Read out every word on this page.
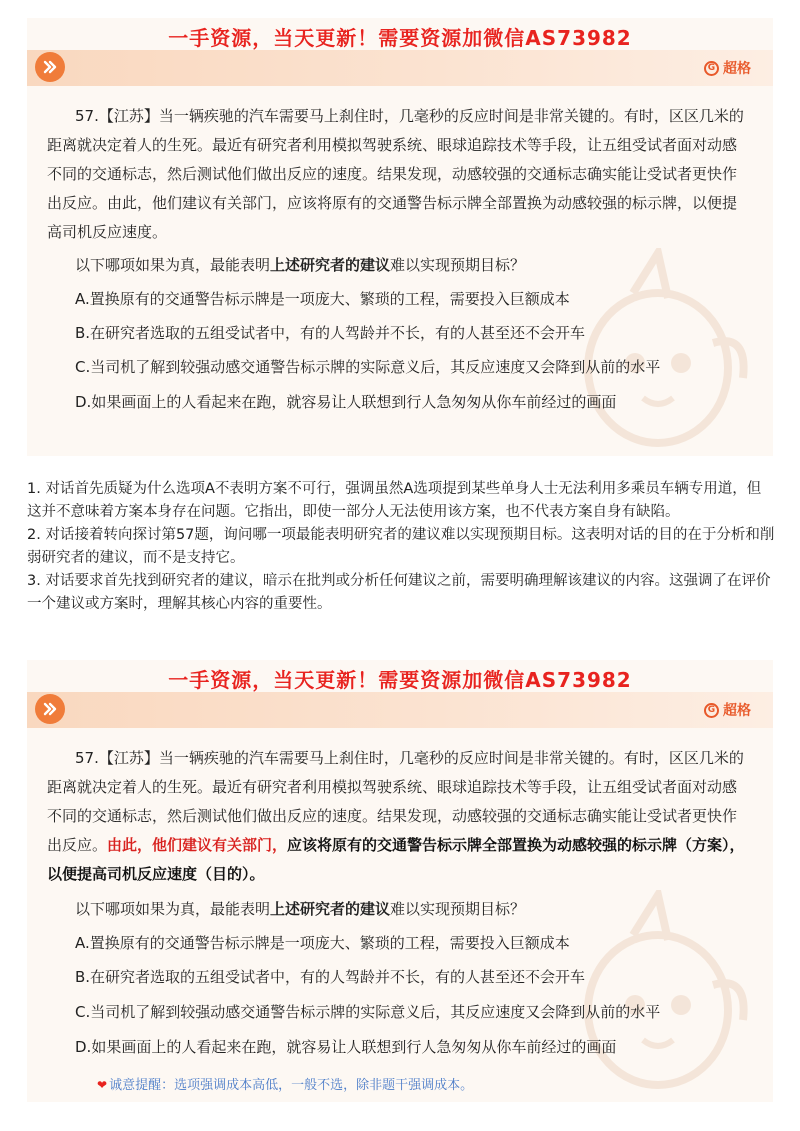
一手资源，当天更新！需要资源加微信AS73982
G 超格
57.【江苏】当一辆疾驰的汽车需要马上刹住时，几毫秒的反应时间是非常关键的。有时，区区几米的距离就决定着人的生死。最近有研究者利用模拟驾驶系统、眼球追踪技术等手段，让五组受试者面对动感不同的交通标志，然后测试他们做出反应的速度。结果发现，动感较强的交通标志确实能让受试者更快作出反应。由此，他们建议有关部门，应该将原有的交通警告标示牌全部置换为动感较强的标示牌，以便提高司机反应速度。
以下哪项如果为真，最能表明上述研究者的建议难以实现预期目标？
A.置换原有的交通警告标示牌是一项庞大、繁琐的工程，需要投入巨额成本
B.在研究者选取的五组受试者中，有的人驾龄并不长，有的人甚至还不会开车
C.当司机了解到较强动感交通警告标示牌的实际意义后，其反应速度又会降到从前的水平
D.如果画面上的人看起来在跑，就容易让人联想到行人急匆匆从你车前经过的画面

1. 对话首先质疑为什么选项A不表明方案不可行，强调虽然A选项提到某些单身人士无法利用多乘员车辆专用道，但这并不意味着方案本身存在问题。它指出，即使一部分人无法使用该方案，也不代表方案自身有缺陷。

2. 对话接着转向探讨第57题，询问哪一项最能表明研究者的建议难以实现预期目标。这表明对话的目的在于分析和削弱研究者的建议，而不是支持它。

3. 对话要求首先找到研究者的建议，暗示在批判或分析任何建议之前，需要明确理解该建议的内容。这强调了在评价一个建议或方案时，理解其核心内容的重要性。

一手资源，当天更新！需要资源加微信AS73982
G 超格
57.【江苏】当一辆疾驰的汽车需要马上刹住时，几毫秒的反应时间是非常关键的。有时，区区几米的距离就决定着人的生死。最近有研究者利用模拟驾驶系统、眼球追踪技术等手段，让五组受试者面对动感不同的交通标志，然后测试他们做出反应的速度。结果发现，动感较强的交通标志确实能让受试者更快作出反应。由此，他们建议有关部门，应该将原有的交通警告标示牌全部置换为动感较强的标示牌（方案），以便提高司机反应速度（目的）。
以下哪项如果为真，最能表明上述研究者的建议难以实现预期目标？
A.置换原有的交通警告标示牌是一项庞大、繁琐的工程，需要投入巨额成本
B.在研究者选取的五组受试者中，有的人驾龄并不长，有的人甚至还不会开车
C.当司机了解到较强动感交通警告标示牌的实际意义后，其反应速度又会降到从前的水平
D.如果画面上的人看起来在跑，就容易让人联想到行人急匆匆从你车前经过的画面
❤ 诚意提醒：选项强调成本高低，一般不选，除非题干强调成本。
